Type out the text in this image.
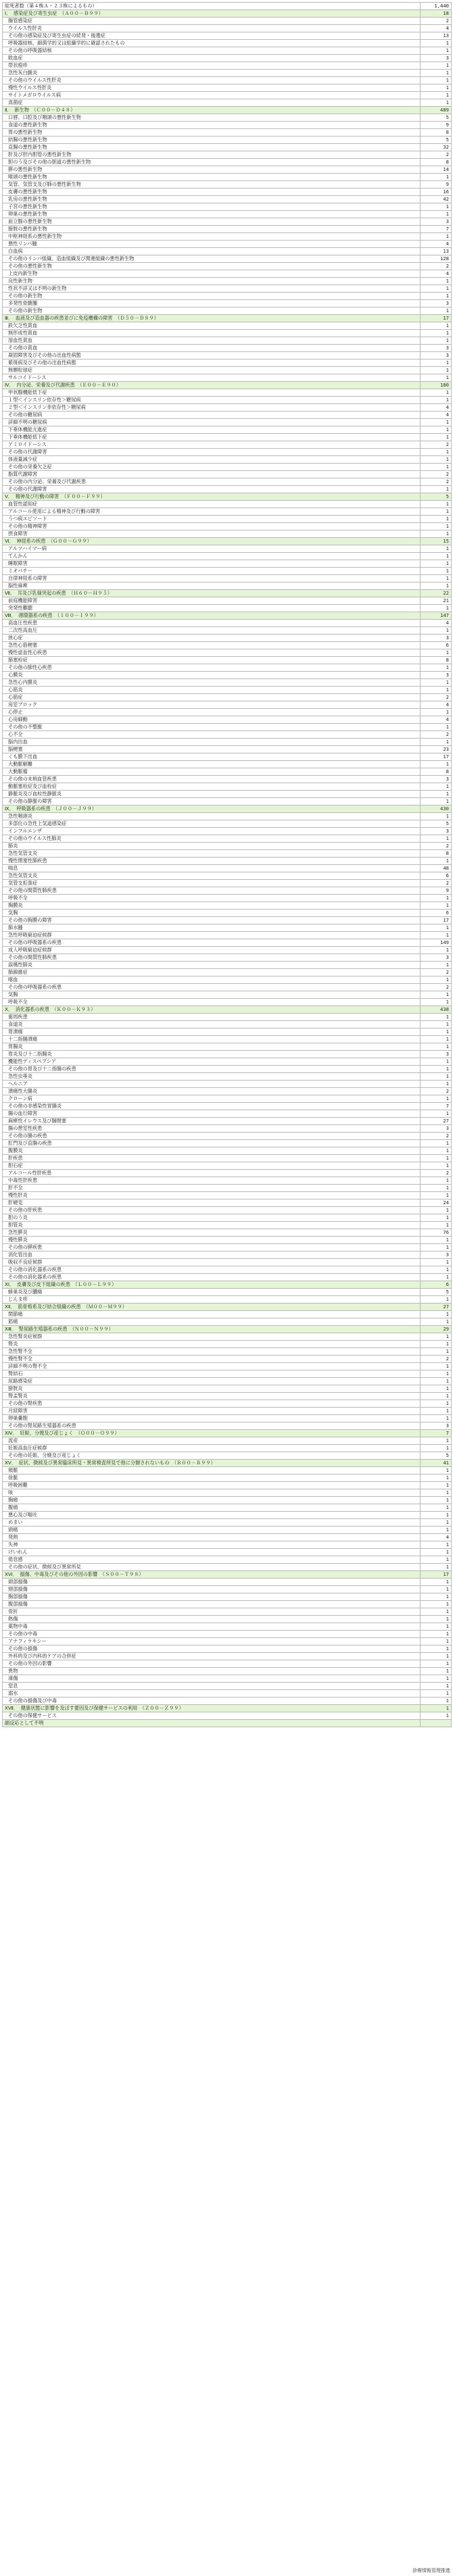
総死者数（第４株Ａ・２３株によるもの）	1,440
Ⅰ．　感染症及び寄生虫症　（Ａ００－Ｂ９９）	18
腸管感染症	2
ウイルス性肝炎	4
その他の感染症及び寄生虫症の続発・後遺症	13
呼吸器結核、細菌学的又は組織学的に確認されたもの	1
その他の呼吸器結核	1
敗血症	3
帯状疱疹	1
急性灰白髄炎	1
その他のウイルス性肝炎	1
慢性ウイルス性肝炎	1
サイトメガロウイルス病	1
真菌症	1
Ⅱ．　新生物　（Ｃ００－Ｄ４８）	489
口唇、口腔及び咽頭の悪性新生物	5
食道の悪性新生物	9
胃の悪性新生物	8
結腸の悪性新生物	5
直腸の悪性新生物	32
肝及び肝内胆管の悪性新生物	2
胆のう及びその他の胆道の悪性新生物	8
膵の悪性新生物	14
喉頭の悪性新生物	1
気管、気管支及び肺の悪性新生物	9
皮膚の悪性新生物	16
乳房の悪性新生物	42
子宮の悪性新生物	1
卵巣の悪性新生物	1
前立腺の悪性新生物	3
膀胱の悪性新生物	7
中枢神経系の悪性新生物	1
悪性リンパ腫	4
白血病	13
その他のリンパ組織、造血組織及び関連組織の悪性新生物	128
その他の悪性新生物	2
上皮内新生物	4
良性新生物	1
性状不詳又は不明の新生物	1
その他の新生物	1
多発性骨髄腫	3
その他の新生物	1
Ⅲ．　血液及び造血器の疾患並びに免疫機構の障害　（Ｄ５０－Ｄ８９）	17
鉄欠乏性貧血	1
無形成性貧血	1
溶血性貧血	1
その他の貧血	3
凝固障害及びその他の出血性病態	3
紫斑病及びその他の出血性病態	1
無顆粒球症	1
サルコイドーシス	1
Ⅳ．　内分泌、栄養及び代謝疾患　（Ｅ００－Ｅ９０）	180
甲状腺機能低下症	1
１型＜インスリン依存性＞糖尿病	1
２型＜インスリン非依存性＞糖尿病	4
その他の糖尿病	4
詳細不明の糖尿病	1
下垂体機能亢進症	1
下垂体機能低下症	1
アミロイドーシス	2
その他の代謝障害	1
体液量減少症	1
その他の栄養欠乏症	1
脂質代謝障害	2
その他の内分泌、栄養及び代謝疾患	2
その他の代謝障害	1
Ⅴ．　精神及び行動の障害　（Ｆ００－Ｆ９９）	5
血管性認知症	1
アルコール使用による精神及び行動の障害	1
うつ病エピソード	1
その他の精神障害	1
摂食障害	1
Ⅵ．　神経系の疾患　（Ｇ００－Ｇ９９）	15
アルツハイマー病	1
てんかん	1
睡眠障害	1
ミオパチー	1
自律神経系の障害	1
脳性麻痺	1
Ⅶ．　耳及び乳様突起の疾患　（Ｈ６０－Ｈ９５）	22
前庭機能障害	21
突発性難聴	1
Ⅷ．　循環器系の疾患　（Ｉ００－Ｉ９９）	147
高血圧性疾患	4
二次性高血圧	1
狭心症	3
急性心筋梗塞	6
慢性虚血性心疾患	1
肺塞栓症	8
その他の肺性心疾患	1
心膜炎	3
急性心内膜炎	1
心筋炎	1
心筋症	2
房室ブロック	4
心停止	1
心房細動	4
その他の不整脈	1
心不全	2
脳内出血	1
脳梗塞	23
くも膜下出血	17
大動脈解離	1
大動脈瘤	8
その他の末梢血管疾患	3
動脈塞栓症及び血栓症	1
静脈炎及び血栓性静脈炎	1
その他の静脈の障害	1
Ⅸ．　呼吸器系の疾患　（Ｊ００－Ｊ９９）	430
急性咽頭炎	1
多部位の急性上気道感染症	5
インフルエンザ	3
その他のウイルス性肺炎	1
肺炎	2
急性気管支炎	8
慢性閉塞性肺疾患	1
喘息	48
急性気管支炎	6
気管支拡張症	2
その他の間質性肺疾患	9
呼吸不全	1
胸膜炎	1
気胸	6
その他の胸膜の障害	17
肺水腫	1
急性呼吸窮迫症候群	1
その他の呼吸器系の疾患	149
成人呼吸窮迫症候群	1
その他の間質性肺疾患	3
誤嚥性肺炎	1
肺線維症	2
喀血	1
その他の呼吸器系の疾患	2
気胸	1
呼吸不全	1
Ⅹ．　消化器系の疾患　（Ｋ００－Ｋ９３）	438
歯周疾患	1
食道炎	1
胃潰瘍	1
十二指腸潰瘍	1
胃腸炎	1
胃炎及び十二指腸炎	3
機能性ディスペプシア	1
その他の胃及び十二指腸の疾患	1
急性虫垂炎	1
ヘルニア	1
潰瘍性大腸炎	2
クローン病	1
その他の非感染性胃腸炎	7
腸の血行障害	1
麻痺性イレウス及び腸閉塞	27
腸の憩室性疾患	3
その他の腸の疾患	2
肛門及び直腸の疾患	1
腹膜炎	1
肝疾患	1
胆石症	1
アルコール性肝疾患	2
中毒性肝疾患	1
肝不全	1
慢性肝炎	1
肝硬変	24
その他の肝疾患	1
胆のう炎	1
胆管炎	1
急性膵炎	76
慢性膵炎	1
その他の膵疾患	1
消化管出血	3
吸収不良症候群	1
その他の消化器系の疾患	1
その他の消化器系の疾患	1
ⅩⅠ．　皮膚及び皮下組織の疾患　（Ｌ００－Ｌ９９）	6
蜂巣炎及び膿瘍	5
じんま疹	1
ⅩⅡ．　筋骨格系及び結合組織の疾患　（Ｍ００－Ｍ９９）	27
関節痛	1
筋痛	1
ⅩⅢ．　腎尿路生殖器系の疾患　（Ｎ００－Ｎ９９）	29
急性腎炎症候群	1
腎炎	1
急性腎不全	1
慢性腎不全	2
詳細不明の腎不全	1
腎結石	1
尿路感染症	1
膀胱炎	1
腎盂腎炎	1
その他の腎疾患	1
月経障害	1
卵巣嚢胞	1
その他の腎尿路生殖器系の疾患	3
ⅩⅣ．　妊娠、分娩及び産じょく　（Ｏ００－Ｏ９９）	7
流産	1
妊娠高血圧症候群	1
その他の妊娠、分娩及び産じょく	5
ⅩⅤ．　症状、徴候及び異常臨床所見・異常検査所見で他に分類されないもの　（Ｒ００－Ｒ９９）	41
頻脈	1
徐脈	1
呼吸困難	1
咳	1
胸痛	1
腹痛	1
悪心及び嘔吐	1
めまい	1
頭痛	1
発熱	4
失神	1
けいれん	1
倦怠感	1
その他の症状、徴候及び異常所見	1
ⅩⅥ．　損傷、中毒及びその他の外因の影響　（Ｓ００－Ｔ９８）	17
頭部損傷	1
頸部損傷	1
胸部損傷	1
腹部損傷	1
骨折	1
熱傷	1
薬物中毒	1
その他の中毒	1
アナフィラキシー	1
その他の損傷	1
外科的及び内科的ケアの合併症	1
その他の外因の影響	1
異物	1
凍傷	1
窒息	1
溺水	1
その他の損傷及び中毒	1
ⅩⅦ．　健康状態に影響を及ぼす要因及び保健サービスの利用　（Ｚ００－Ｚ９９）	1
その他の保健サービス	1
副反応として不明	
診療情報管理推進
